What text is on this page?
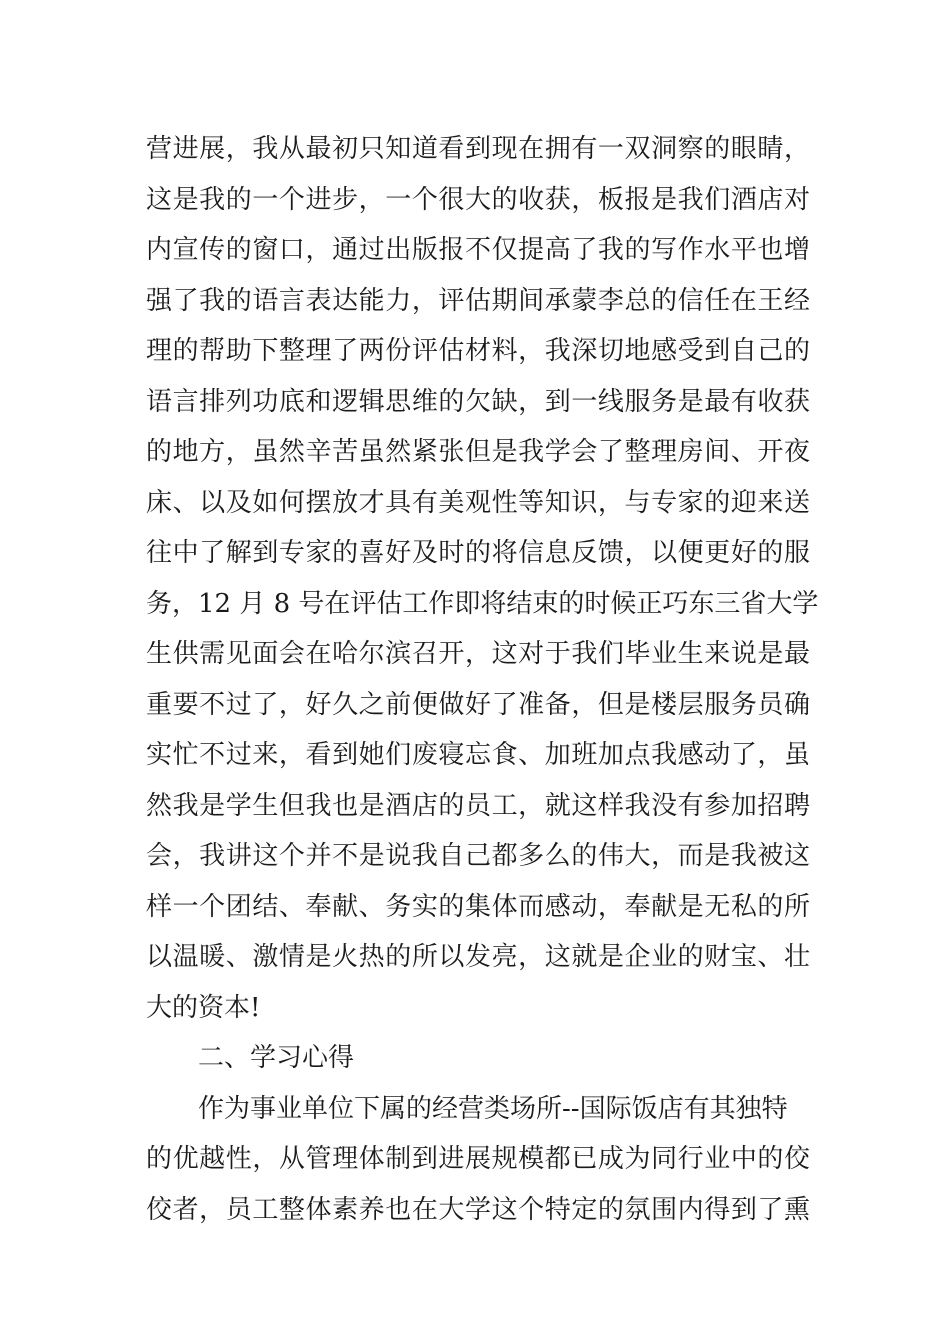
营进展，我从最初只知道看到现在拥有一双洞察的眼睛，
这是我的一个进步，一个很大的收获，板报是我们酒店对
内宣传的窗口，通过出版报不仅提高了我的写作水平也增
强了我的语言表达能力，评估期间承蒙李总的信任在王经
理的帮助下整理了两份评估材料，我深切地感受到自己的
语言排列功底和逻辑思维的欠缺，到一线服务是最有收获
的地方，虽然辛苦虽然紧张但是我学会了整理房间、开夜
床、以及如何摆放才具有美观性等知识，与专家的迎来送
往中了解到专家的喜好及时的将信息反馈，以便更好的服
务，12 月 8 号在评估工作即将结束的时候正巧东三省大学
生供需见面会在哈尔滨召开，这对于我们毕业生来说是最
重要不过了，好久之前便做好了准备，但是楼层服务员确
实忙不过来，看到她们废寝忘食、加班加点我感动了，虽
然我是学生但我也是酒店的员工，就这样我没有参加招聘
会，我讲这个并不是说我自己都多么的伟大，而是我被这
样一个团结、奉献、务实的集体而感动，奉献是无私的所
以温暖、激情是火热的所以发亮，这就是企业的财宝、壮
大的资本!
二、学习心得
作为事业单位下属的经营类场所--国际饭店有其独特
的优越性，从管理体制到进展规模都已成为同行业中的佼
佼者，员工整体素养也在大学这个特定的氛围内得到了熏
